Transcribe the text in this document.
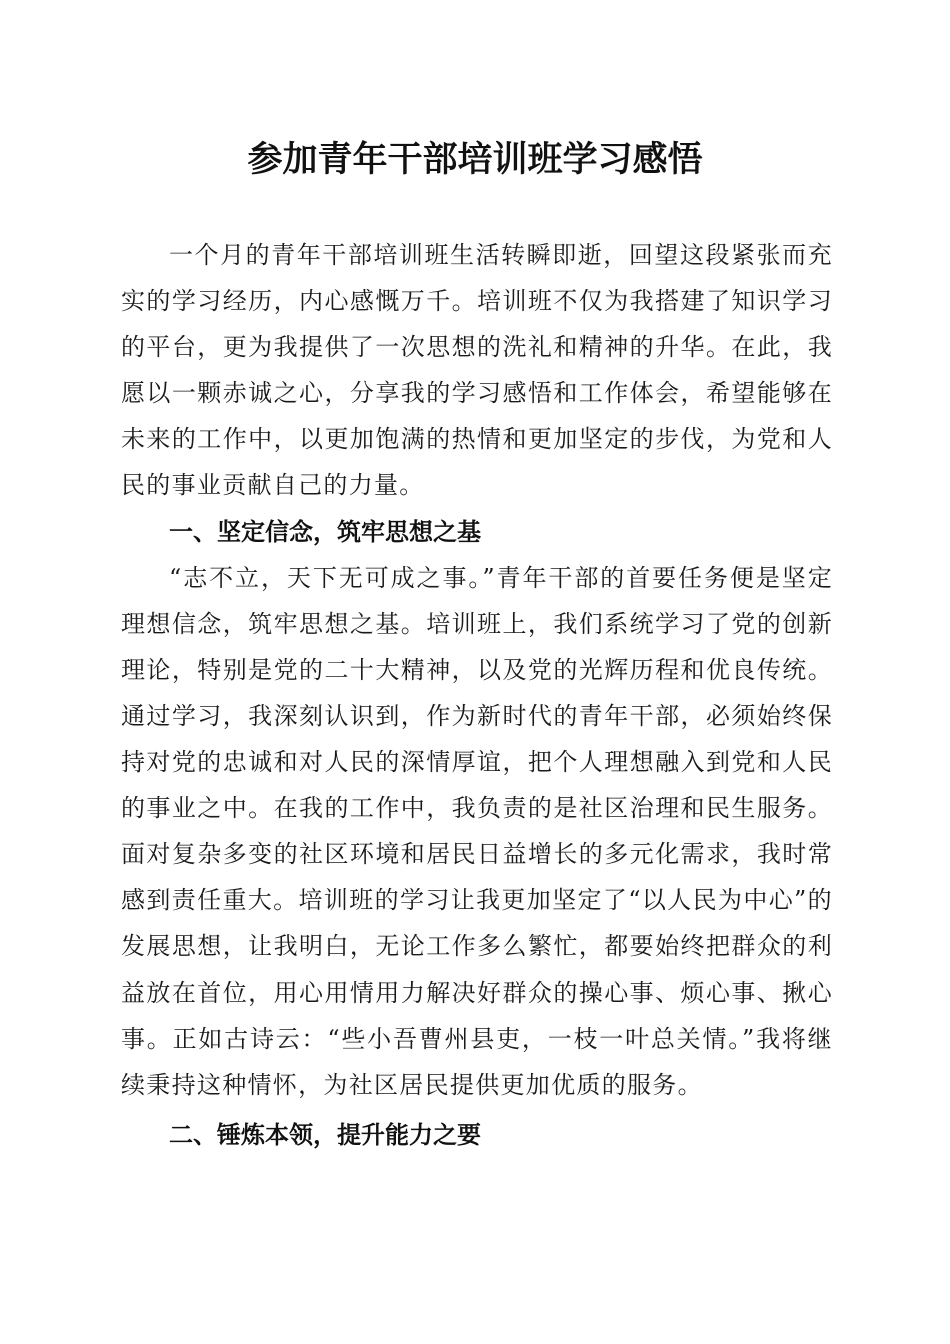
参加青年干部培训班学习感悟

一个月的青年干部培训班生活转瞬即逝，回望这段紧张而充实的学习经历，内心感慨万千。培训班不仅为我搭建了知识学习的平台，更为我提供了一次思想的洗礼和精神的升华。在此，我愿以一颗赤诚之心，分享我的学习感悟和工作体会，希望能够在未来的工作中，以更加饱满的热情和更加坚定的步伐，为党和人民的事业贡献自己的力量。

一、坚定信念，筑牢思想之基

“志不立，天下无可成之事。”青年干部的首要任务便是坚定理想信念，筑牢思想之基。培训班上，我们系统学习了党的创新理论，特别是党的二十大精神，以及党的光辉历程和优良传统。通过学习，我深刻认识到，作为新时代的青年干部，必须始终保持对党的忠诚和对人民的深情厚谊，把个人理想融入到党和人民的事业之中。在我的工作中，我负责的是社区治理和民生服务。面对复杂多变的社区环境和居民日益增长的多元化需求，我时常感到责任重大。培训班的学习让我更加坚定了“以人民为中心”的发展思想，让我明白，无论工作多么繁忙，都要始终把群众的利益放在首位，用心用情用力解决好群众的操心事、烦心事、揪心事。正如古诗云：“些小吾曹州县吏，一枝一叶总关情。”我将继续秉持这种情怀，为社区居民提供更加优质的服务。

二、锤炼本领，提升能力之要
